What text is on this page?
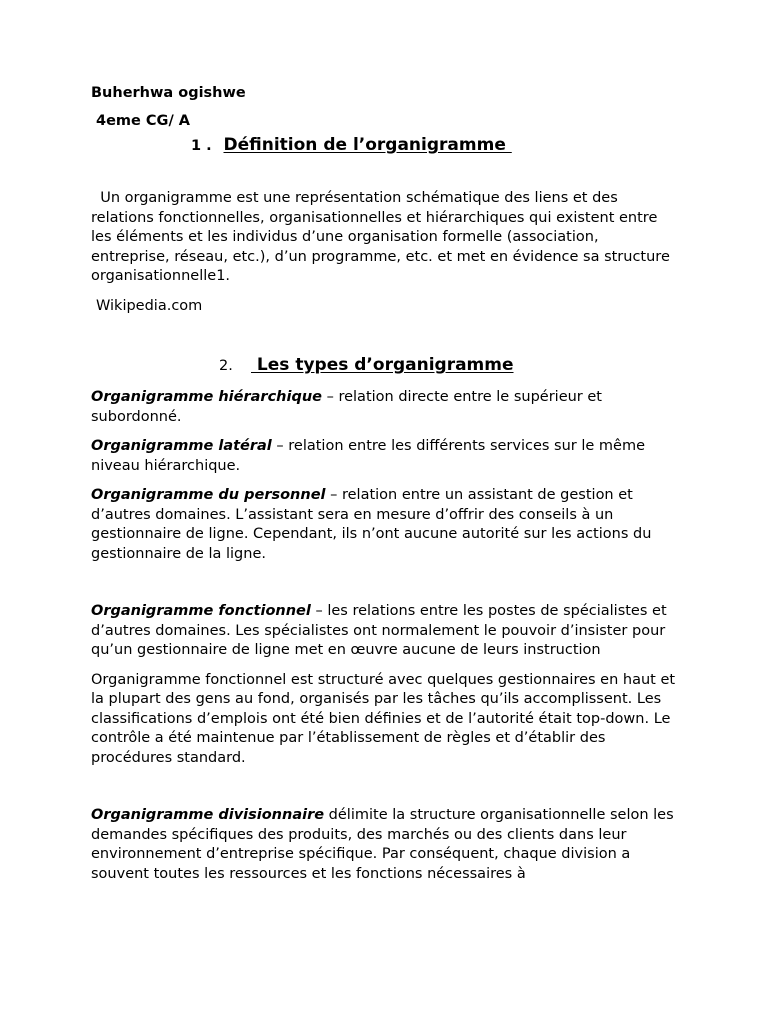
Buherhwa ogishwe

4eme CG/ A

1 . Définition de l’organigramme

Un organigramme est une représentation schématique des liens et des relations fonctionnelles, organisationnelles et hiérarchiques qui existent entre les éléments et les individus d’une organisation formelle (association, entreprise, réseau, etc.), d’un programme, etc. et met en évidence sa structure organisationnelle1.

Wikipedia.com

2. Les types d’organigramme

Organigramme hiérarchique – relation directe entre le supérieur et subordonné.

Organigramme latéral – relation entre les différents services sur le même niveau hiérarchique.

Organigramme du personnel – relation entre un assistant de gestion et d’autres domaines. L’assistant sera en mesure d’offrir des conseils à un gestionnaire de ligne. Cependant, ils n’ont aucune autorité sur les actions du gestionnaire de la ligne.

Organigramme fonctionnel – les relations entre les postes de spécialistes et d’autres domaines. Les spécialistes ont normalement le pouvoir d’insister pour qu’un gestionnaire de ligne met en œuvre aucune de leurs instruction

Organigramme fonctionnel est structuré avec quelques gestionnaires en haut et la plupart des gens au fond, organisés par les tâches qu’ils accomplissent. Les classifications d’emplois ont été bien définies et de l’autorité était top-down. Le contrôle a été maintenue par l’établissement de règles et d’établir des procédures standard.

Organigramme divisionnaire délimite la structure organisationnelle selon les demandes spécifiques des produits, des marchés ou des clients dans leur environnement d’entreprise spécifique. Par conséquent, chaque division a souvent toutes les ressources et les fonctions nécessaires à
